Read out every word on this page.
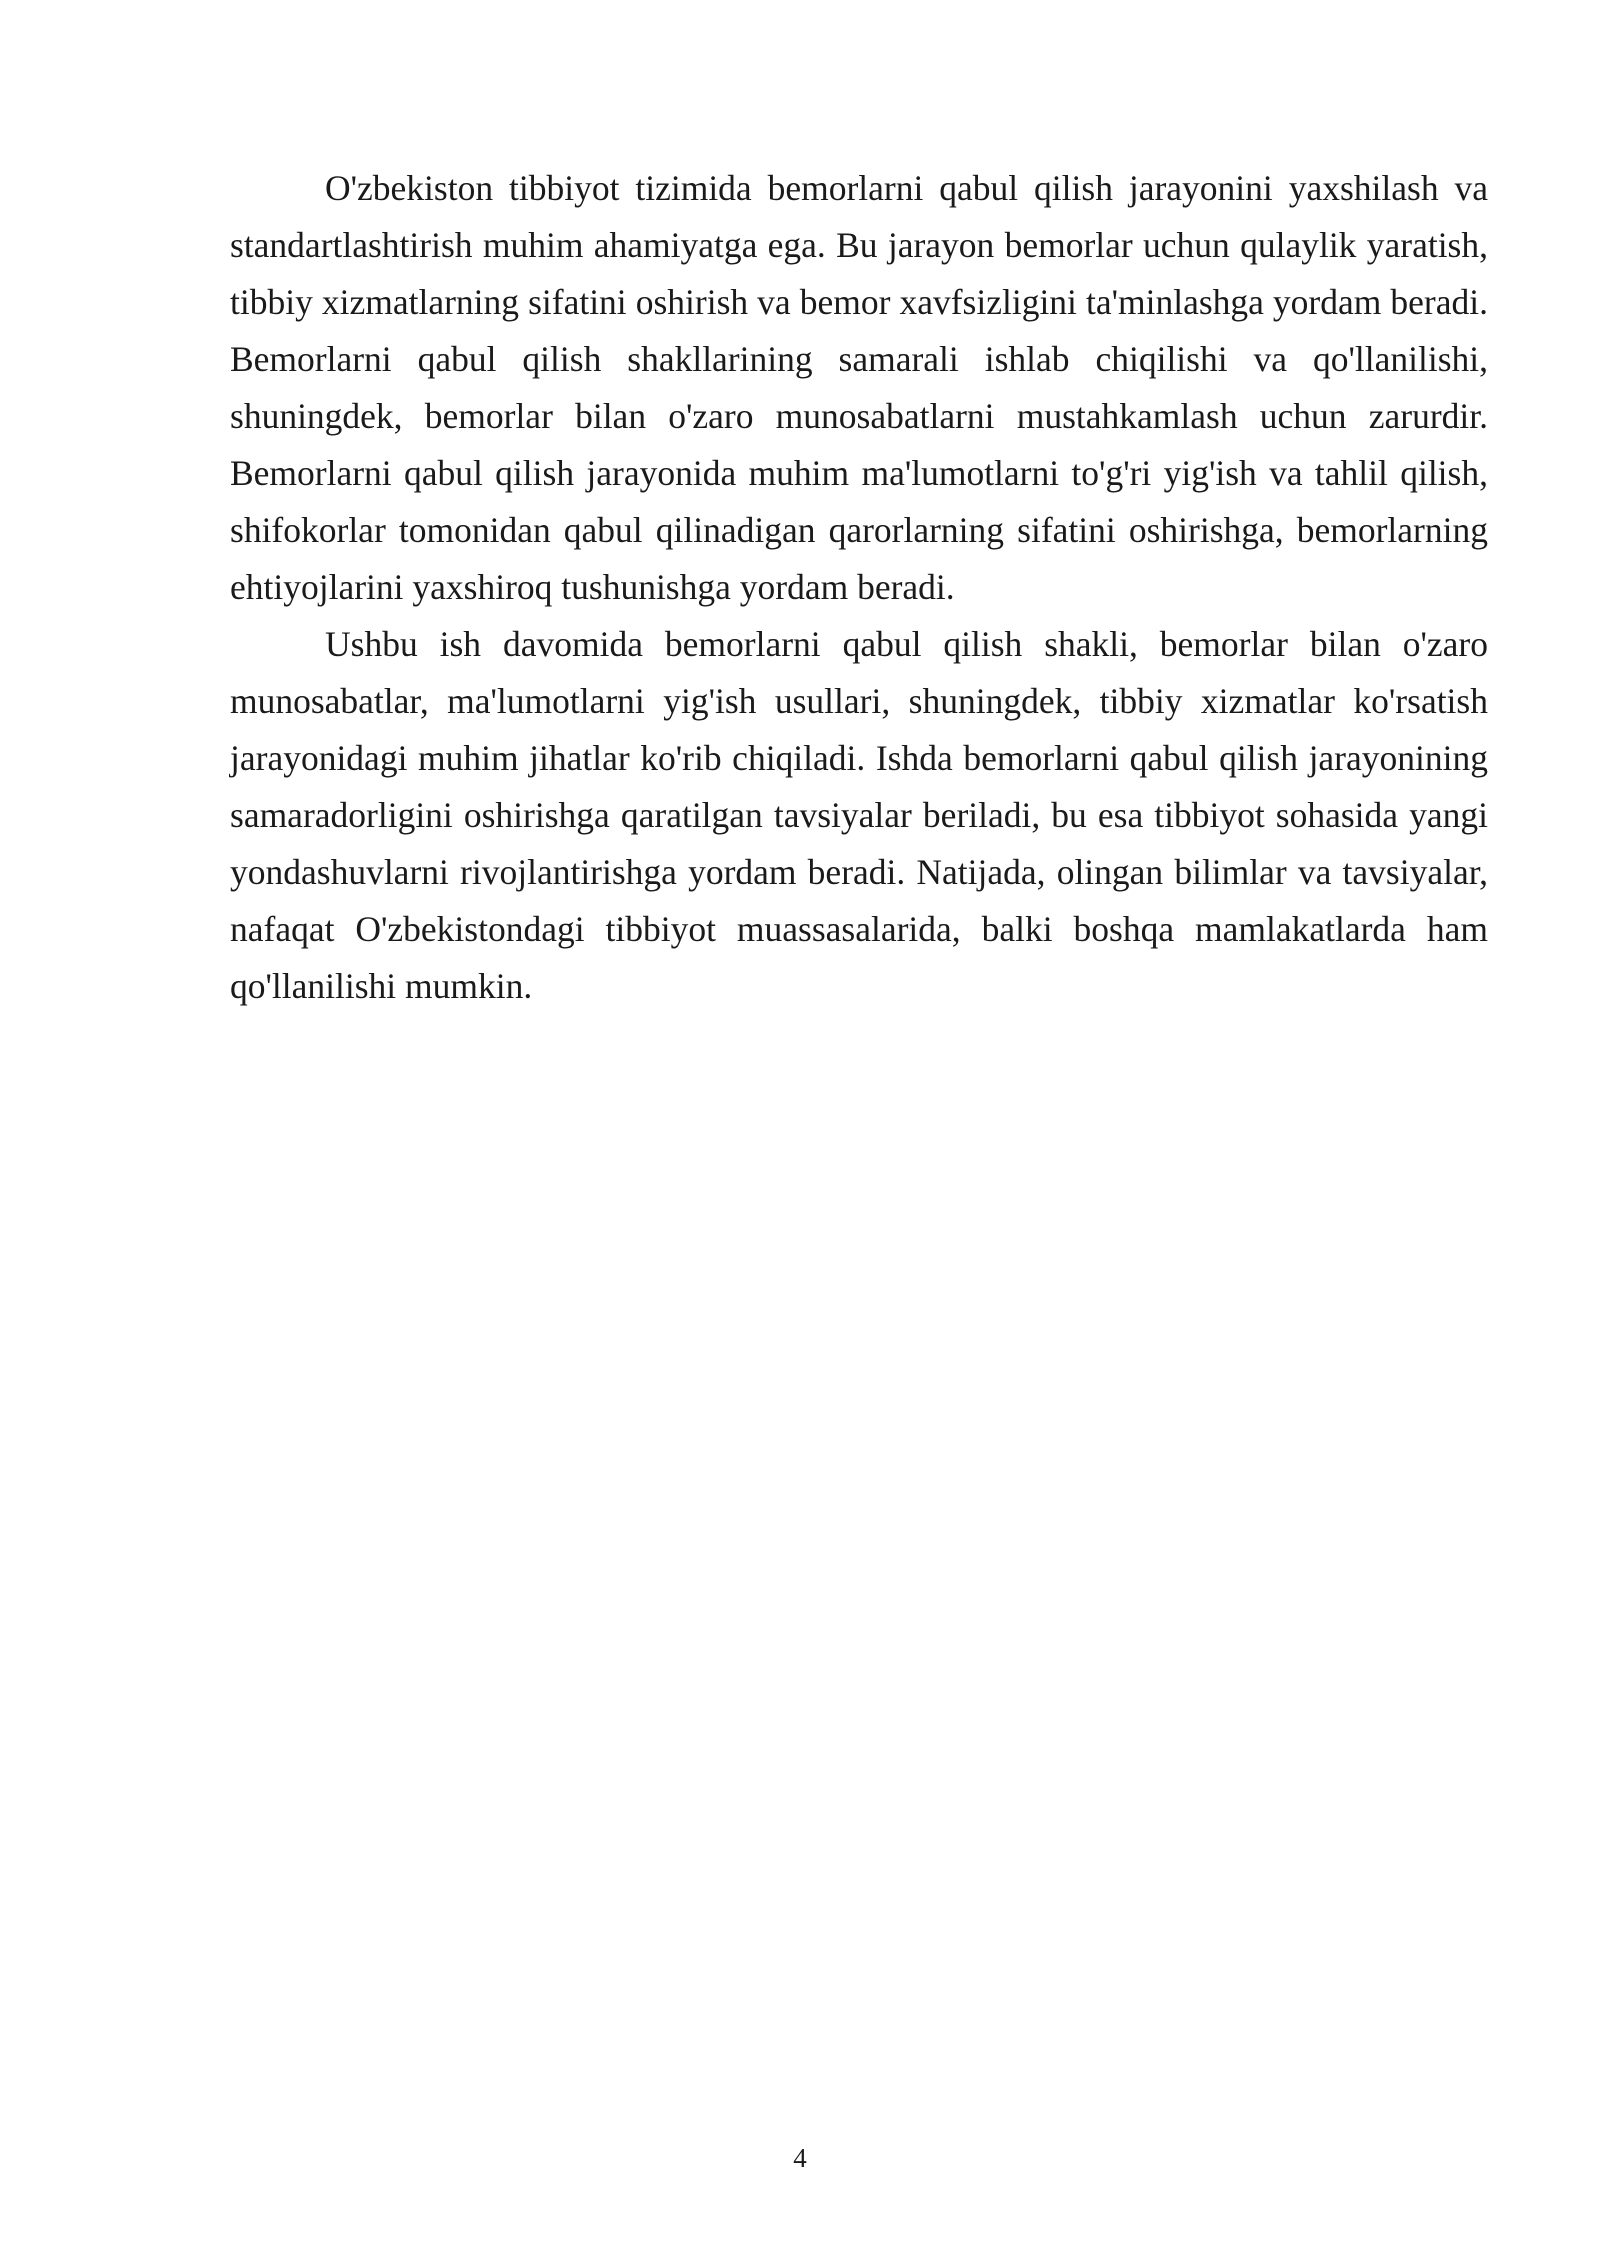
O'zbekiston tibbiyot tizimida bemorlarni qabul qilish jarayonini yaxshilash va standartlashtirish muhim ahamiyatga ega. Bu jarayon bemorlar uchun qulaylik yaratish, tibbiy xizmatlarning sifatini oshirish va bemor xavfsizligini ta'minlashga yordam beradi. Bemorlarni qabul qilish shakllarining samarali ishlab chiqilishi va qo'llanilishi, shuningdek, bemorlar bilan o'zaro munosabatlarni mustahkamlash uchun zarurdir. Bemorlarni qabul qilish jarayonida muhim ma'lumotlarni to'g'ri yig'ish va tahlil qilish, shifokorlar tomonidan qabul qilinadigan qarorlarning sifatini oshirishga, bemorlarning ehtiyojlarini yaxshiroq tushunishga yordam beradi.

Ushbu ish davomida bemorlarni qabul qilish shakli, bemorlar bilan o'zaro munosabatlar, ma'lumotlarni yig'ish usullari, shuningdek, tibbiy xizmatlar ko'rsatish jarayonidagi muhim jihatlar ko'rib chiqiladi. Ishda bemorlarni qabul qilish jarayonining samaradorligini oshirishga qaratilgan tavsiyalar beriladi, bu esa tibbiyot sohasida yangi yondashuvlarni rivojlantirishga yordam beradi. Natijada, olingan bilimlar va tavsiyalar, nafaqat O'zbekistondagi tibbiyot muassasalarida, balki boshqa mamlakatlarda ham qo'llanilishi mumkin.

4
